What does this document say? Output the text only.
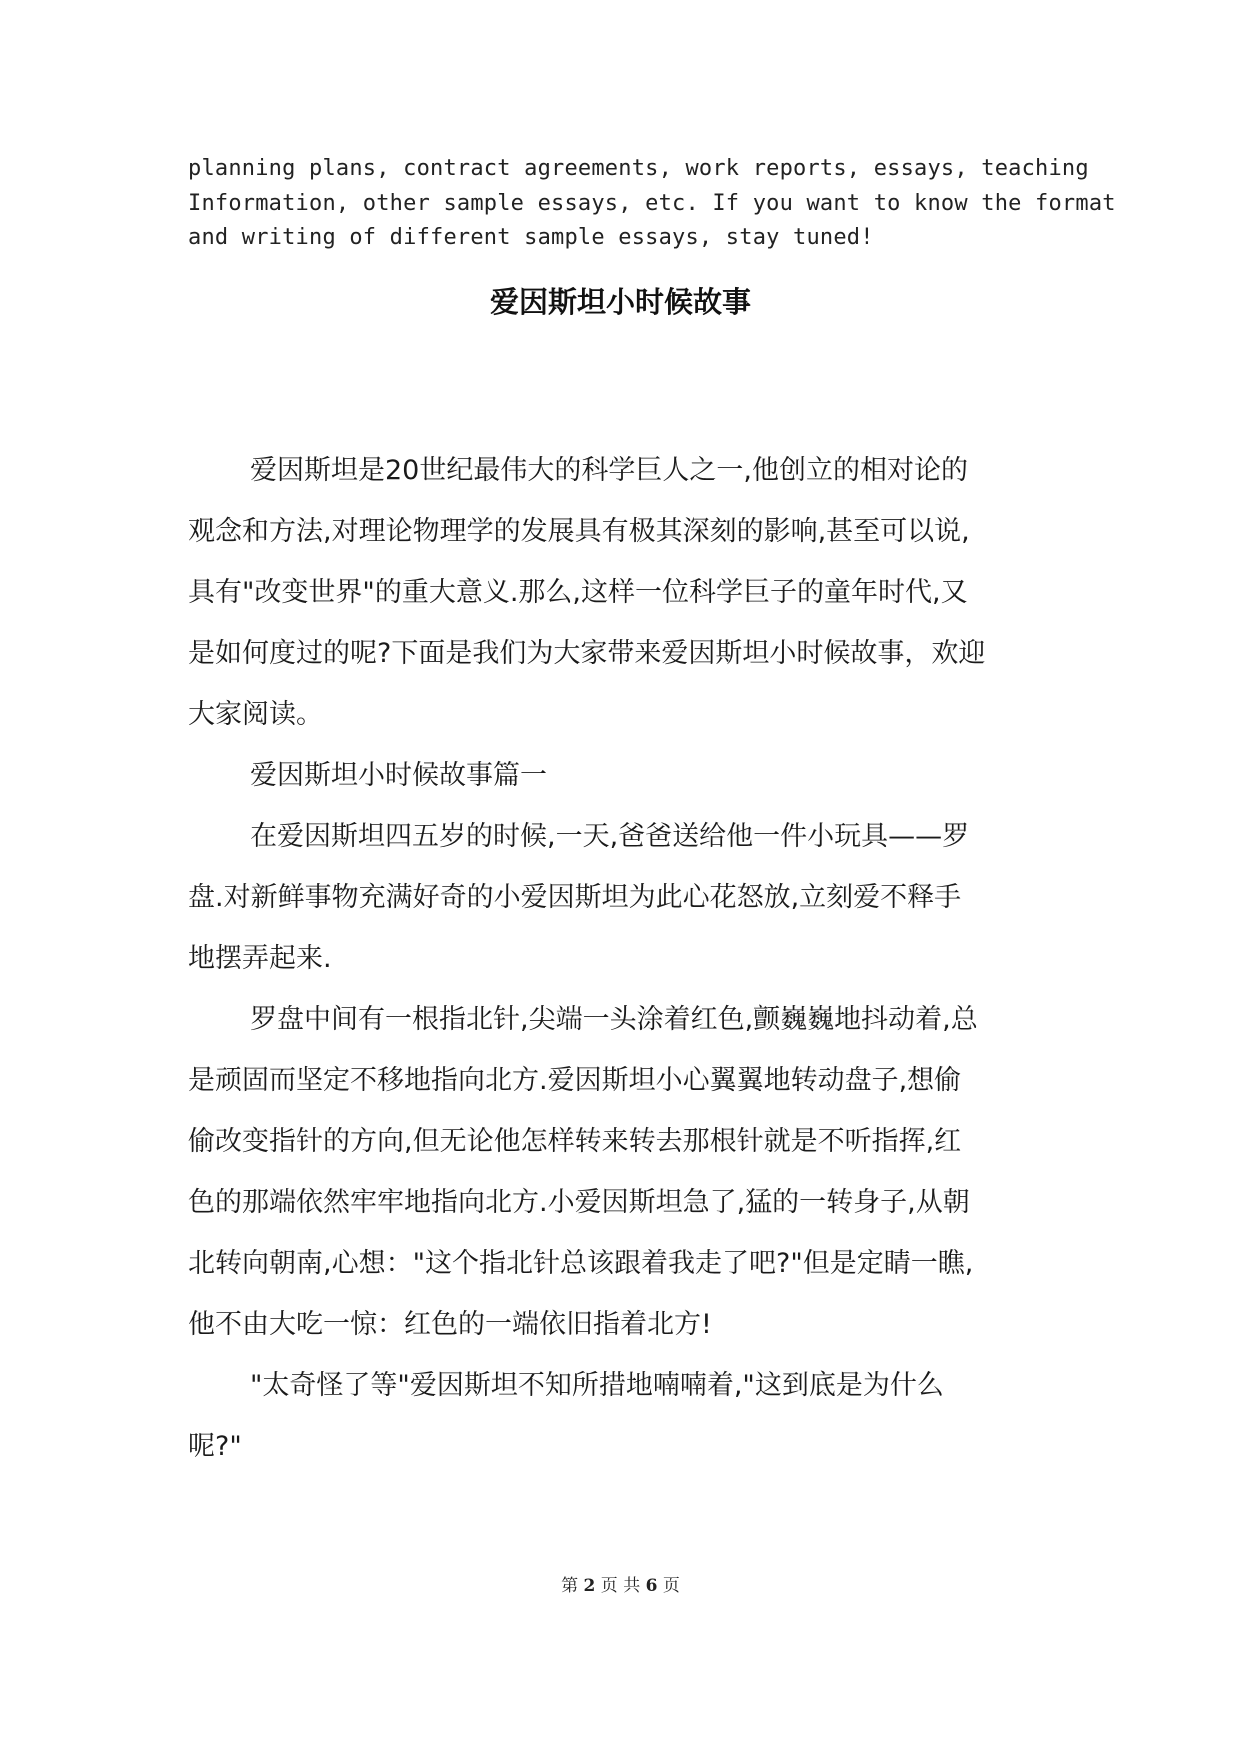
planning plans, contract agreements, work reports, essays, teaching
Information, other sample essays, etc. If you want to know the format
and writing of different sample essays, stay tuned!
爱因斯坦小时候故事
爱因斯坦是20世纪最伟大的科学巨人之一,他创立的相对论的
观念和方法,对理论物理学的发展具有极其深刻的影响,甚至可以说,
具有"改变世界"的重大意义.那么,这样一位科学巨子的童年时代,又
是如何度过的呢?下面是我们为大家带来爱因斯坦小时候故事，欢迎
大家阅读。
爱因斯坦小时候故事篇一
在爱因斯坦四五岁的时候,一天,爸爸送给他一件小玩具——罗
盘.对新鲜事物充满好奇的小爱因斯坦为此心花怒放,立刻爱不释手
地摆弄起来.
罗盘中间有一根指北针,尖端一头涂着红色,颤巍巍地抖动着,总
是顽固而坚定不移地指向北方.爱因斯坦小心翼翼地转动盘子,想偷
偷改变指针的方向,但无论他怎样转来转去那根针就是不听指挥,红
色的那端依然牢牢地指向北方.小爱因斯坦急了,猛的一转身子,从朝
北转向朝南,心想："这个指北针总该跟着我走了吧?"但是定睛一瞧,
他不由大吃一惊：红色的一端依旧指着北方!
"太奇怪了等"爱因斯坦不知所措地喃喃着,"这到底是为什么
呢?"
第 2 页 共 6 页
